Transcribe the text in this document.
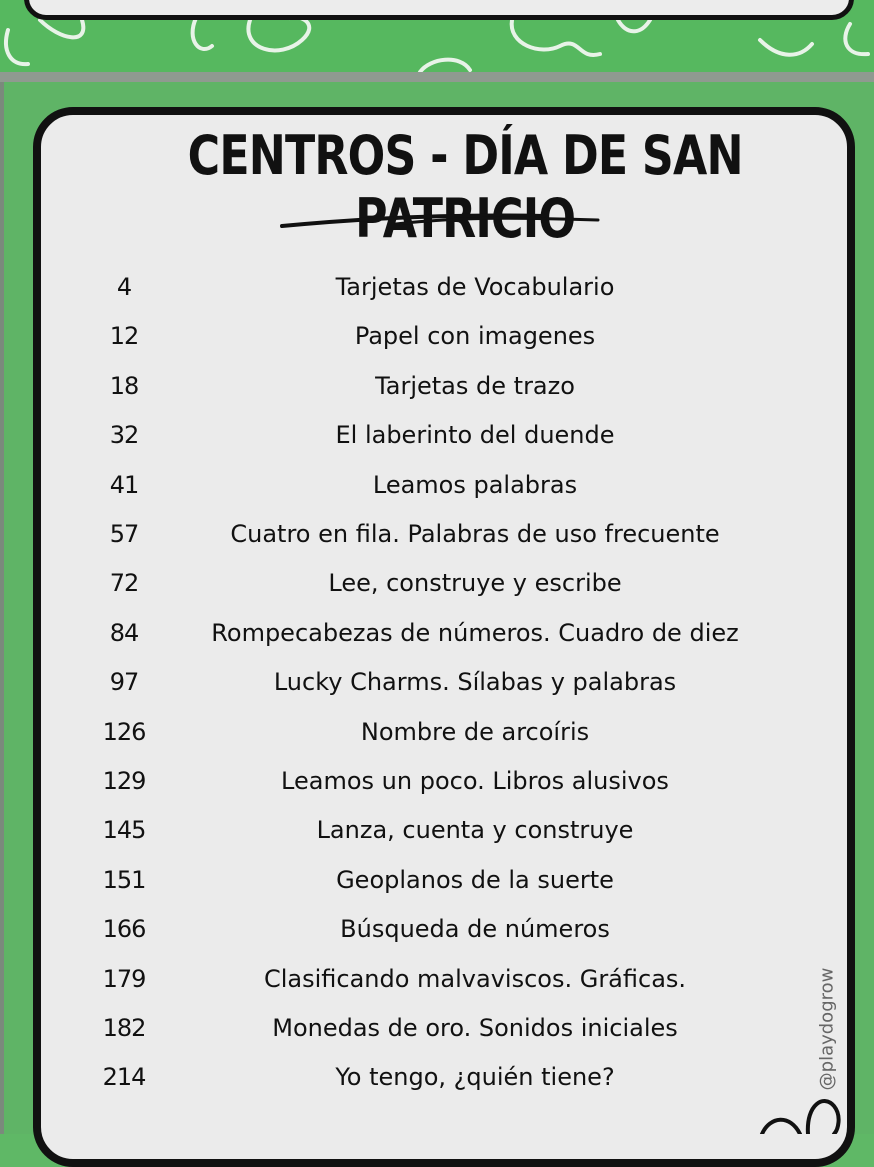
CENTROS - DÍA DE SAN PATRICIO
4	Tarjetas de Vocabulario
12	Papel con imagenes
18	Tarjetas de trazo
32	El laberinto del duende
41	Leamos palabras
57	Cuatro en fila. Palabras de uso frecuente
72	Lee, construye y escribe
84	Rompecabezas de números. Cuadro de diez
97	Lucky Charms. Sílabas y palabras
126	Nombre de arcoíris
129	Leamos un poco. Libros alusivos
145	Lanza, cuenta y construye
151	Geoplanos de la suerte
166	Búsqueda de números
179	Clasificando malvaviscos. Gráficas.
182	Monedas de oro. Sonidos iniciales
214	Yo tengo, ¿quién tiene?	@playdogrow
